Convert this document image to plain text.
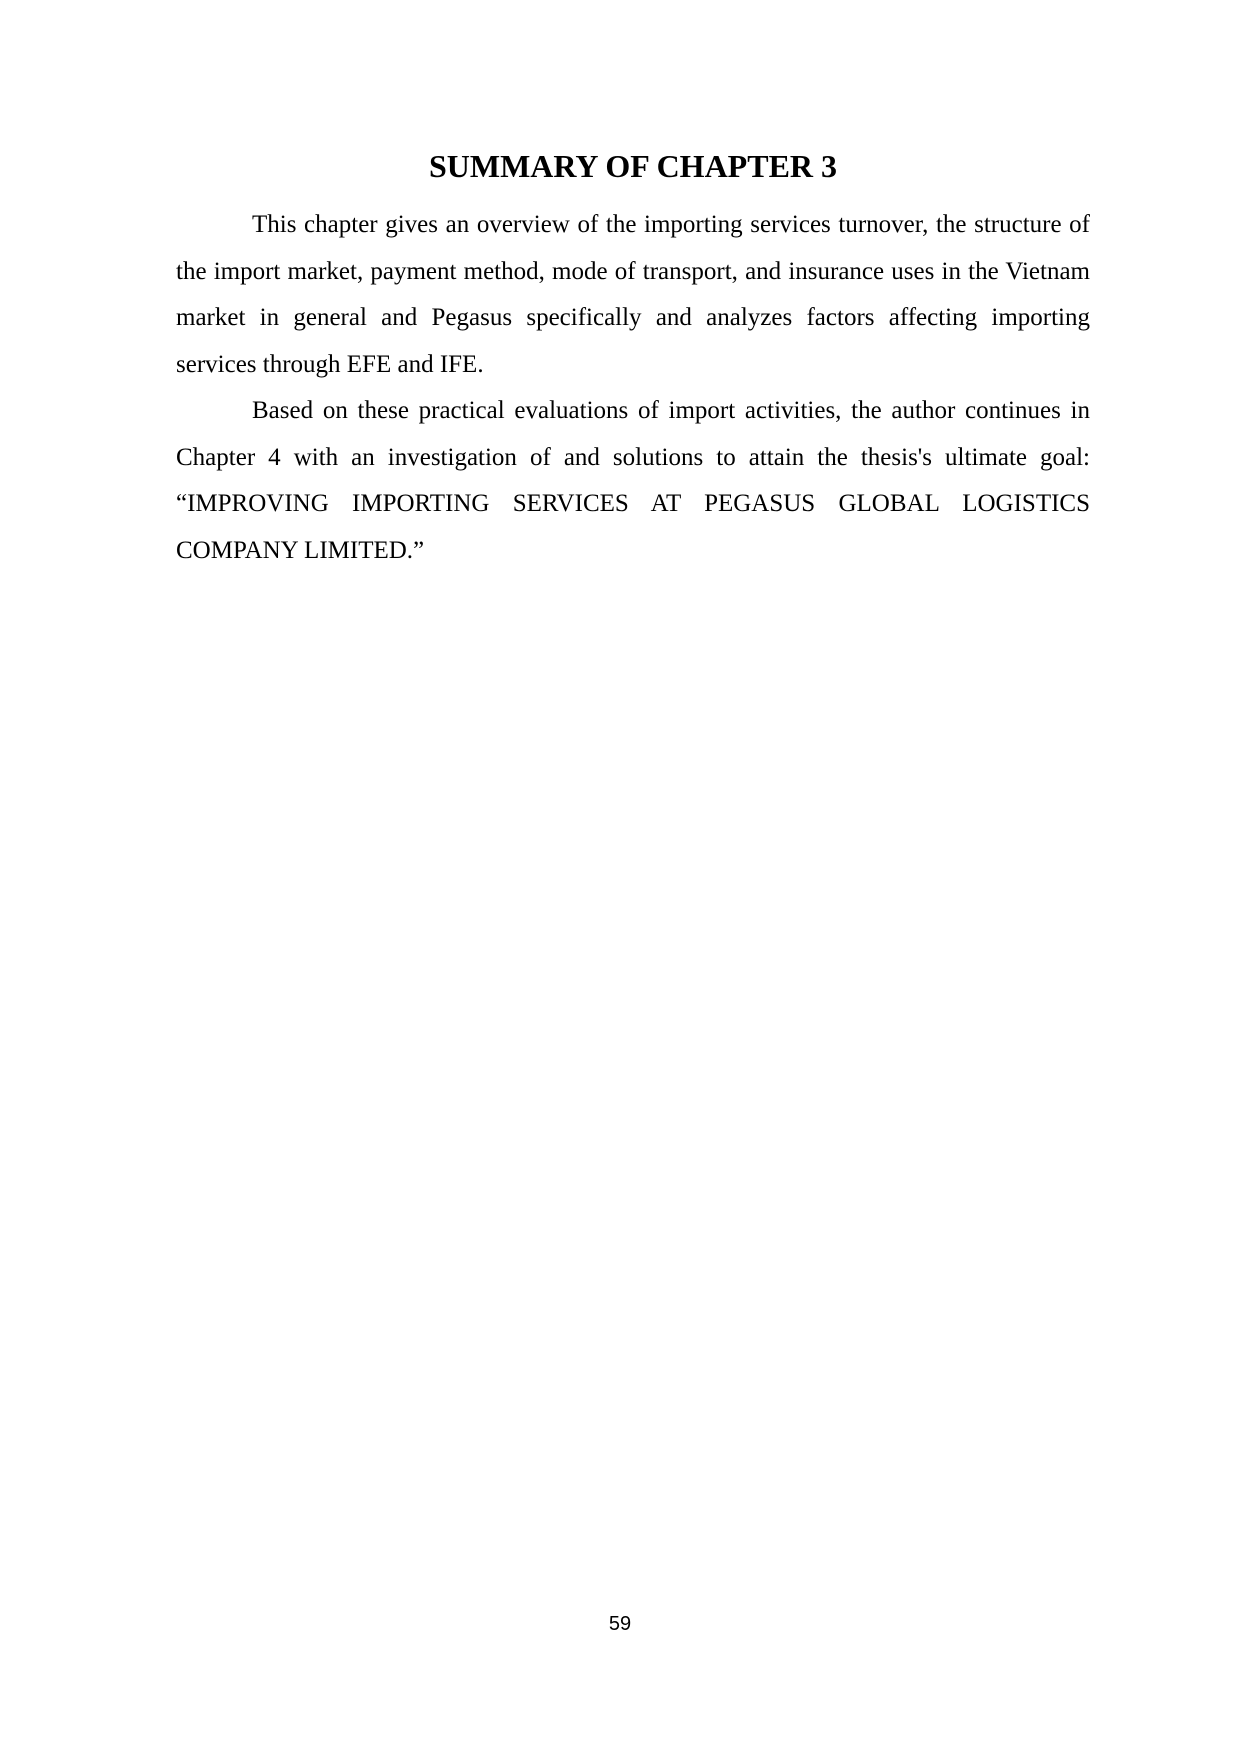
SUMMARY OF CHAPTER 3

This chapter gives an overview of the importing services turnover, the structure of the import market, payment method, mode of transport, and insurance uses in the Vietnam market in general and Pegasus specifically and analyzes factors affecting importing services through EFE and IFE.

Based on these practical evaluations of import activities, the author continues in Chapter 4 with an investigation of and solutions to attain the thesis's ultimate goal: “IMPROVING IMPORTING SERVICES AT PEGASUS GLOBAL LOGISTICS COMPANY LIMITED.”

59
